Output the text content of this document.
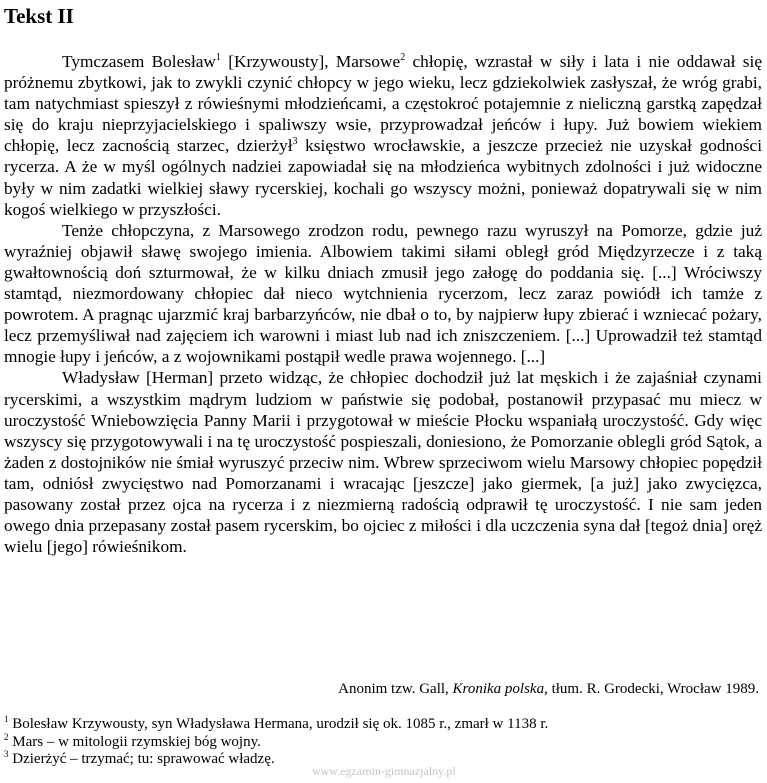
Tekst II

Tymczasem Bolesław$^1$ [Krzywousty], Marsowe$^2$ chłopię, wzrastał w siły i lata i nie oddawał się próżnemu zbytkowi, jak to zwykli czynić chłopcy w jego wieku, lecz gdziekolwiek zasłyszał, że wróg grabi, tam natychmiast spieszył z rówieśnymi młodzieńcami, a częstokroć potajemnie z nieliczną garstką zapędzał się do kraju nieprzyjacielskiego i spaliwszy wsie, przyprowadzał jeńców i łupy. Już bowiem wiekiem chłopię, lecz zacnością starzec, dzierżył$^3$ księstwo wrocławskie, a jeszcze przecież nie uzyskał godności rycerza. A że w myśl ogólnych nadziei zapowiadał się na młodzieńca wybitnych zdolności i już widoczne były w nim zadatki wielkiej sławy rycerskiej, kochali go wszyscy możni, ponieważ dopatrywali się w nim kogoś wielkiego w przyszłości.

Tenże chłopczyna, z Marsowego zrodzon rodu, pewnego razu wyruszył na Pomorze, gdzie już wyraźniej objawił sławę swojego imienia. Albowiem takimi siłami obległ gród Międzyrzecze i z taką gwałtownością doń szturmował, że w kilku dniach zmusił jego załogę do poddania się. [...] Wróciwszy stamtąd, niezmordowany chłopiec dał nieco wytchnienia rycerzom, lecz zaraz powiódł ich tamże z powrotem. A pragnąc ujarzmić kraj barbarzyńców, nie dbał o to, by najpierw łupy zbierać i wzniecać pożary, lecz przemyśliwał nad zajęciem ich warowni i miast lub nad ich zniszczeniem. [...] Uprowadził też stamtąd mnogie łupy i jeńców, a z wojownikami postąpił wedle prawa wojennego. [...]

Władysław [Herman] przeto widząc, że chłopiec dochodził już lat męskich i że zajaśniał czynami rycerskimi, a wszystkim mądrym ludziom w państwie się podobał, postanowił przypasać mu miecz w uroczystość Wniebowzięcia Panny Marii i przygotował w mieście Płocku wspaniałą uroczystość. Gdy więc wszyscy się przygotowywali i na tę uroczystość pospieszali, doniesiono, że Pomorzanie oblegli gród Sątok, a żaden z dostojników nie śmiał wyruszyć przeciw nim. Wbrew sprzeciwom wielu Marsowy chłopiec popędził tam, odniósł zwycięstwo nad Pomorzanami i wracając [jeszcze] jako giermek, [a już] jako zwycięzca, pasowany został przez ojca na rycerza i z niezmierną radością odprawił tę uroczystość. I nie sam jeden owego dnia przepasany został pasem rycerskim, bo ojciec z miłości i dla uczczenia syna dał [tegoż dnia] oręż wielu [jego] rówieśnikom.

Anonim tzw. Gall, Kronika polska, tłum. R. Grodecki, Wrocław 1989.
$^1$ Bolesław Krzywousty, syn Władysława Hermana, urodził się ok. 1085 r., zmarł w 1138 r.
$^2$ Mars – w mitologii rzymskiej bóg wojny.
$^3$ Dzierżyć – trzymać; tu: sprawować władzę.
www.egzamin-gimnazjalny.pl
